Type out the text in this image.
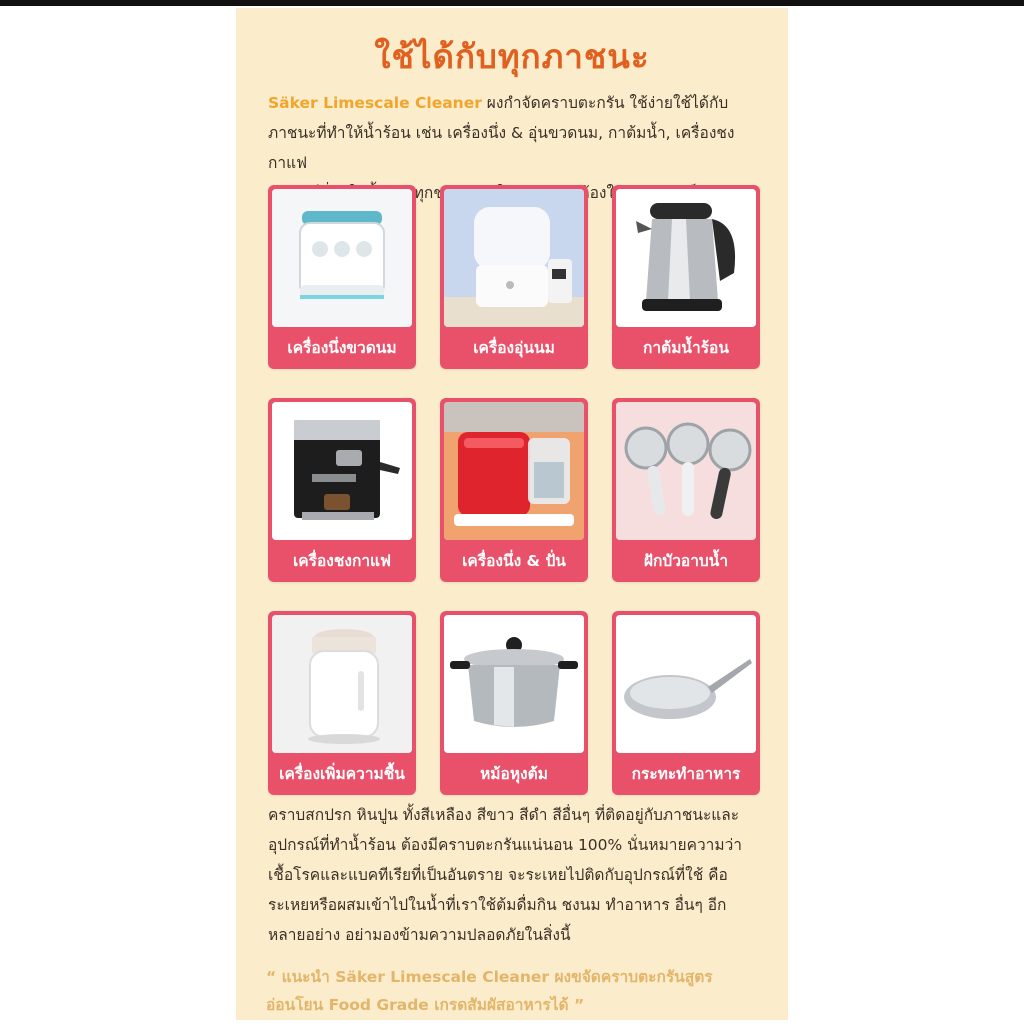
ใช้ได้กับทุกภาชนะ
Säker Limescale Cleaner ผงกำจัดคราบตะกรัน ใช้ง่ายใช้ได้กับ
ภาชนะที่ทำให้น้ำร้อน เช่น เครื่องนึ่ง & อุ่นขวดนม, กาต้มน้ำ, เครื่องชงกาแฟ
เครื่องนึ่งขวดนม	เครื่องอุ่นนม	กาต้มน้ำร้อน
เครื่องชงกาแฟ	เครื่องนึ่ง & ปั่น	ฝักบัวอาบน้ำ
เครื่องเพิ่มความชื้น	หม้อหุงต้ม	กระทะทำอาหาร
คราบสกปรก หินปูน ทั้งสีเหลือง สีขาว สีดำ สีอื่นๆ ที่ติดอยู่กับภาชนะและ
อุปกรณ์ที่ทำน้ำร้อน ต้องมีคราบตะกรันแน่นอน 100% นั่นหมายความว่า
เชื้อโรคและแบคทีเรียที่เป็นอันตราย จะระเหยไปติดกับอุปกรณ์ที่ใช้ คือ
ระเหยหรือผสมเข้าไปในน้ำที่เราใช้ต้มดื่มกิน ชงนม ทำอาหาร อื่นๆ อีก
หลายอย่าง อย่ามองข้ามความปลอดภัยในสิ่งนี้
“ แนะนำ Säker Limescale Cleaner ผงขจัดคราบตะกรันสูตร
อ่อนโยน Food Grade เกรดสัมผัสอาหารได้ ”
